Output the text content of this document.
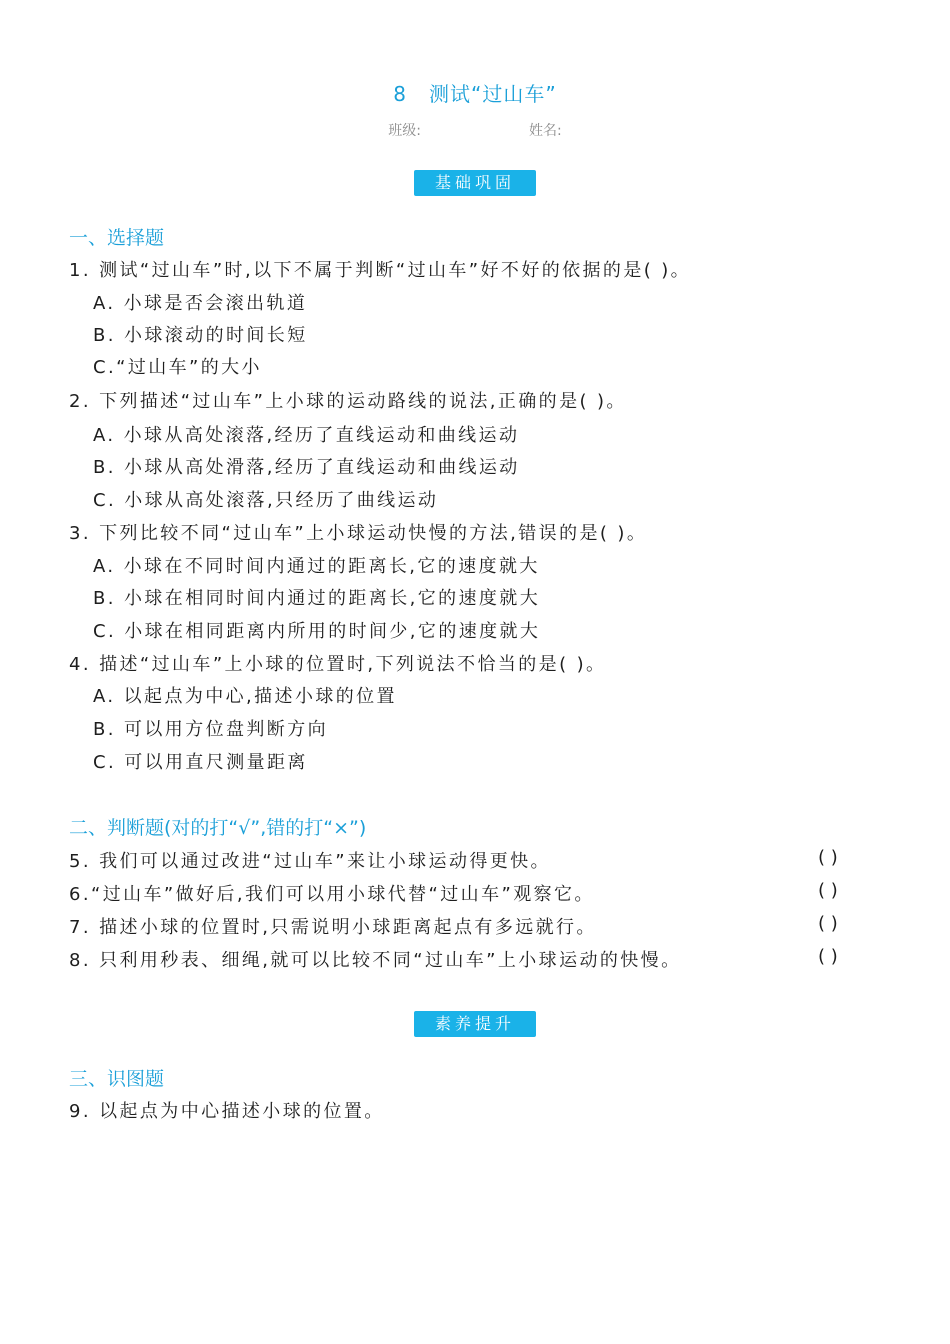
8 测试“过山车”
班级:	姓名:
基础巩固
一、选择题
1. 测试“过山车”时,以下不属于判断“过山车”好不好的依据的是( )。
A. 小球是否会滚出轨道
B. 小球滚动的时间长短
C.“过山车”的大小
2. 下列描述“过山车”上小球的运动路线的说法,正确的是( )。
A. 小球从高处滚落,经历了直线运动和曲线运动
B. 小球从高处滑落,经历了直线运动和曲线运动
C. 小球从高处滚落,只经历了曲线运动
3. 下列比较不同“过山车”上小球运动快慢的方法,错误的是( )。
A. 小球在不同时间内通过的距离长,它的速度就大
B. 小球在相同时间内通过的距离长,它的速度就大
C. 小球在相同距离内所用的时间少,它的速度就大
4. 描述“过山车”上小球的位置时,下列说法不恰当的是( )。
A. 以起点为中心,描述小球的位置
B. 可以用方位盘判断方向
C. 可以用直尺测量距离
二、判断题(对的打“√”,错的打“×”)
5. 我们可以通过改进“过山车”来让小球运动得更快。	( )
6.“过山车”做好后,我们可以用小球代替“过山车”观察它。	( )
7. 描述小球的位置时,只需说明小球距离起点有多远就行。	( )
8. 只利用秒表、细绳,就可以比较不同“过山车”上小球运动的快慢。	( )
素养提升
三、识图题
9. 以起点为中心描述小球的位置。
